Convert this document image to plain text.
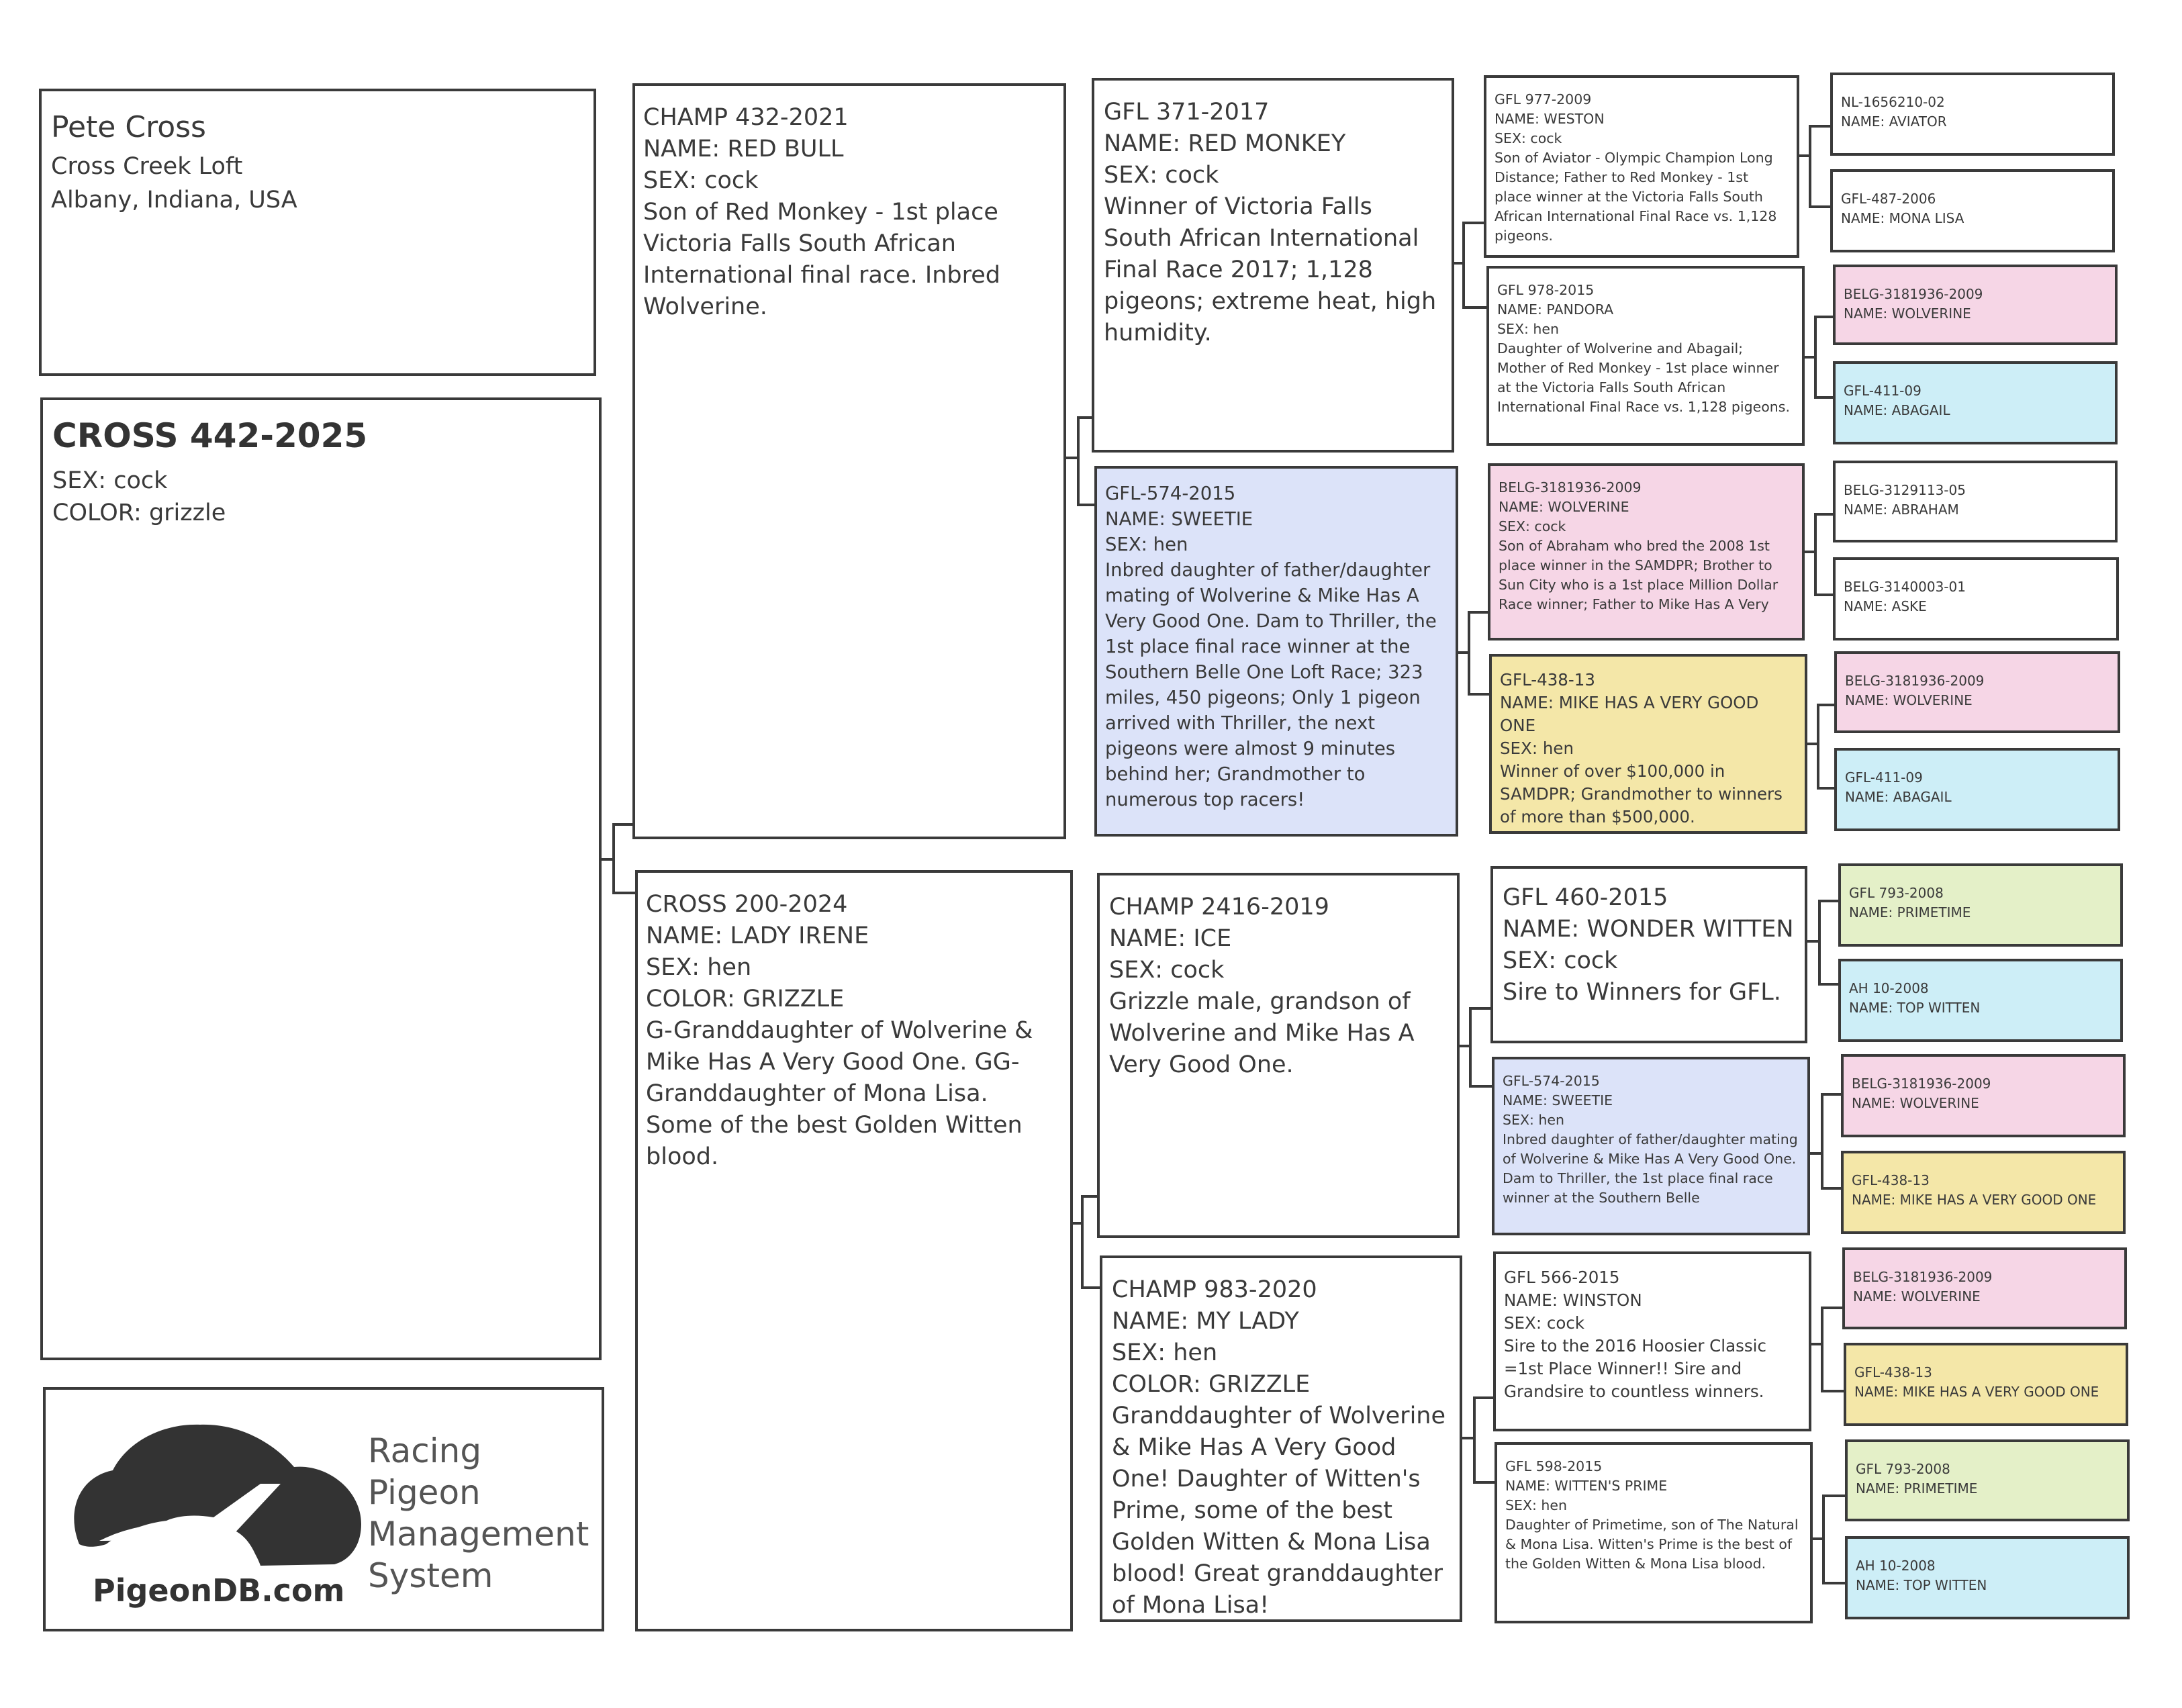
Pete Cross
Cross Creek Loft
Albany, Indiana, USA
CROSS 442-2025
SEX: cock
COLOR: grizzle
Racing Pigeon
Management
System
PigeonDB.com
CHAMP 432-2021
NAME: RED BULL
SEX: cock
Son of Red Monkey - 1st place Victoria Falls South African International final race. Inbred Wolverine.
CROSS 200-2024
NAME: LADY IRENE
SEX: hen
COLOR: GRIZZLE
G-Granddaughter of Wolverine & Mike Has A Very Good One. GG-Granddaughter of Mona Lisa. Some of the best Golden Witten blood.
GFL 371-2017
NAME: RED MONKEY
SEX: cock
Winner of Victoria Falls South African International Final Race 2017; 1,128 pigeons; extreme heat, high humidity.
GFL-574-2015
NAME: SWEETIE
SEX: hen
Inbred daughter of father/daughter mating of Wolverine & Mike Has A Very Good One. Dam to Thriller, the 1st place final race winner at the Southern Belle One Loft Race; 323 miles, 450 pigeons; Only 1 pigeon arrived with Thriller, the next pigeons were almost 9 minutes behind her; Grandmother to numerous top racers!
CHAMP 2416-2019
NAME: ICE
SEX: cock
Grizzle male, grandson of Wolverine and Mike Has A Very Good One.
CHAMP 983-2020
NAME: MY LADY
SEX: hen
COLOR: GRIZZLE
Granddaughter of Wolverine & Mike Has A Very Good One! Daughter of Witten's Prime, some of the best Golden Witten & Mona Lisa blood! Great granddaughter of Mona Lisa!
GFL 977-2009
NAME: WESTON
SEX: cock
Son of Aviator - Olympic Champion Long Distance; Father to Red Monkey - 1st place winner at the Victoria Falls South African International Final Race vs. 1,128 pigeons.
GFL 978-2015
NAME: PANDORA
SEX: hen
Daughter of Wolverine and Abagail; Mother of Red Monkey - 1st place winner at the Victoria Falls South African International Final Race vs. 1,128 pigeons.
BELG-3181936-2009
NAME: WOLVERINE
SEX: cock
Son of Abraham who bred the 2008 1st place winner in the SAMDPR; Brother to Sun City who is a 1st place Million Dollar Race winner; Father to Mike Has A Very
GFL-438-13
NAME: MIKE HAS A VERY GOOD ONE
SEX: hen
Winner of over $100,000 in SAMDPR; Grandmother to winners of more than $500,000.
GFL 460-2015
NAME: WONDER WITTEN
SEX: cock
Sire to Winners for GFL.
GFL-574-2015
NAME: SWEETIE
SEX: hen
Inbred daughter of father/daughter mating of Wolverine & Mike Has A Very Good One. Dam to Thriller, the 1st place final race winner at the Southern Belle
GFL 566-2015
NAME: WINSTON
SEX: cock
Sire to the 2016 Hoosier Classic =1st Place Winner!! Sire and Grandsire to countless winners.
GFL 598-2015
NAME: WITTEN'S PRIME
SEX: hen
Daughter of Primetime, son of The Natural & Mona Lisa. Witten's Prime is the best of the Golden Witten & Mona Lisa blood.
NL-1656210-02
NAME: AVIATOR
GFL-487-2006
NAME: MONA LISA
BELG-3181936-2009
NAME: WOLVERINE
GFL-411-09
NAME: ABAGAIL
BELG-3129113-05
NAME: ABRAHAM
BELG-3140003-01
NAME: ASKE
BELG-3181936-2009
NAME: WOLVERINE
GFL-411-09
NAME: ABAGAIL
GFL 793-2008
NAME: PRIMETIME
AH 10-2008
NAME: TOP WITTEN
BELG-3181936-2009
NAME: WOLVERINE
GFL-438-13
NAME: MIKE HAS A VERY GOOD ONE
BELG-3181936-2009
NAME: WOLVERINE
GFL-438-13
NAME: MIKE HAS A VERY GOOD ONE
GFL 793-2008
NAME: PRIMETIME
AH 10-2008
NAME: TOP WITTEN
